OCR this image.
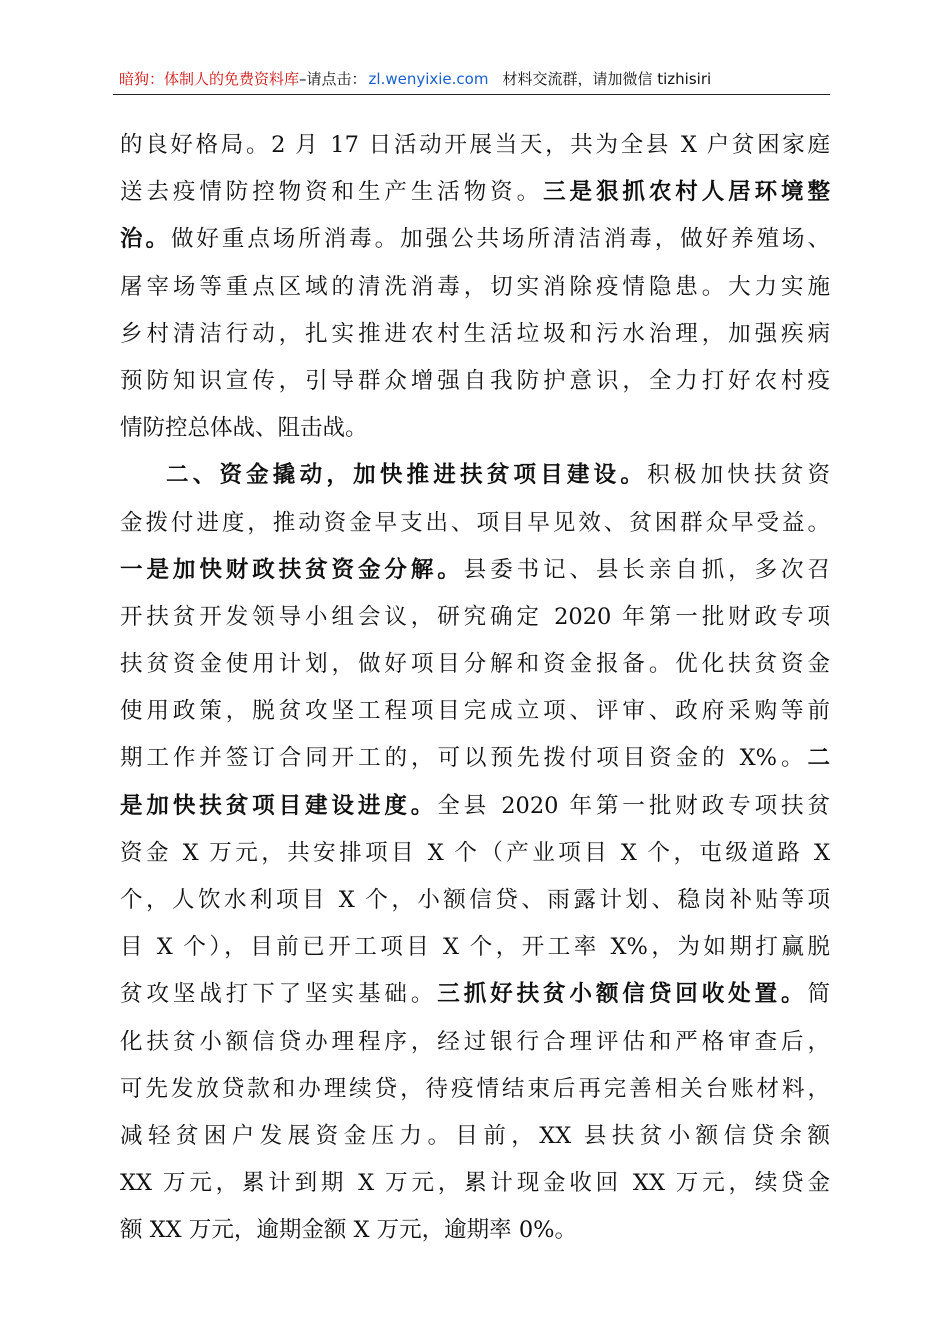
暗狗：体制人的免费资料库–请点击： zl.wenyixie.com 材料交流群，请加微信 tizhisiri
的良好格局。2 月 17 日活动开展当天，共为全县 X 户贫困家庭
送去疫情防控物资和生产生活物资。三是狠抓农村人居环境整
治。做好重点场所消毒。加强公共场所清洁消毒，做好养殖场、
屠宰场等重点区域的清洗消毒，切实消除疫情隐患。大力实施
乡村清洁行动，扎实推进农村生活垃圾和污水治理，加强疾病
预防知识宣传，引导群众增强自我防护意识，全力打好农村疫
情防控总体战、阻击战。
二、资金撬动，加快推进扶贫项目建设。积极加快扶贫资
金拨付进度，推动资金早支出、项目早见效、贫困群众早受益。
一是加快财政扶贫资金分解。县委书记、县长亲自抓，多次召
开扶贫开发领导小组会议，研究确定 2020 年第一批财政专项
扶贫资金使用计划，做好项目分解和资金报备。优化扶贫资金
使用政策，脱贫攻坚工程项目完成立项、评审、政府采购等前
期工作并签订合同开工的，可以预先拨付项目资金的 X%。二
是加快扶贫项目建设进度。全县 2020 年第一批财政专项扶贫
资金 X 万元，共安排项目 X 个（产业项目 X 个，屯级道路 X
个，人饮水利项目 X 个，小额信贷、雨露计划、稳岗补贴等项
目 X 个），目前已开工项目 X 个，开工率 X%，为如期打赢脱
贫攻坚战打下了坚实基础。三抓好扶贫小额信贷回收处置。简
化扶贫小额信贷办理程序，经过银行合理评估和严格审查后，
可先发放贷款和办理续贷，待疫情结束后再完善相关台账材料，
减轻贫困户发展资金压力。目前，XX 县扶贫小额信贷余额
XX 万元，累计到期 X 万元，累计现金收回 XX 万元，续贷金
额 XX 万元，逾期金额 X 万元，逾期率 0%。
